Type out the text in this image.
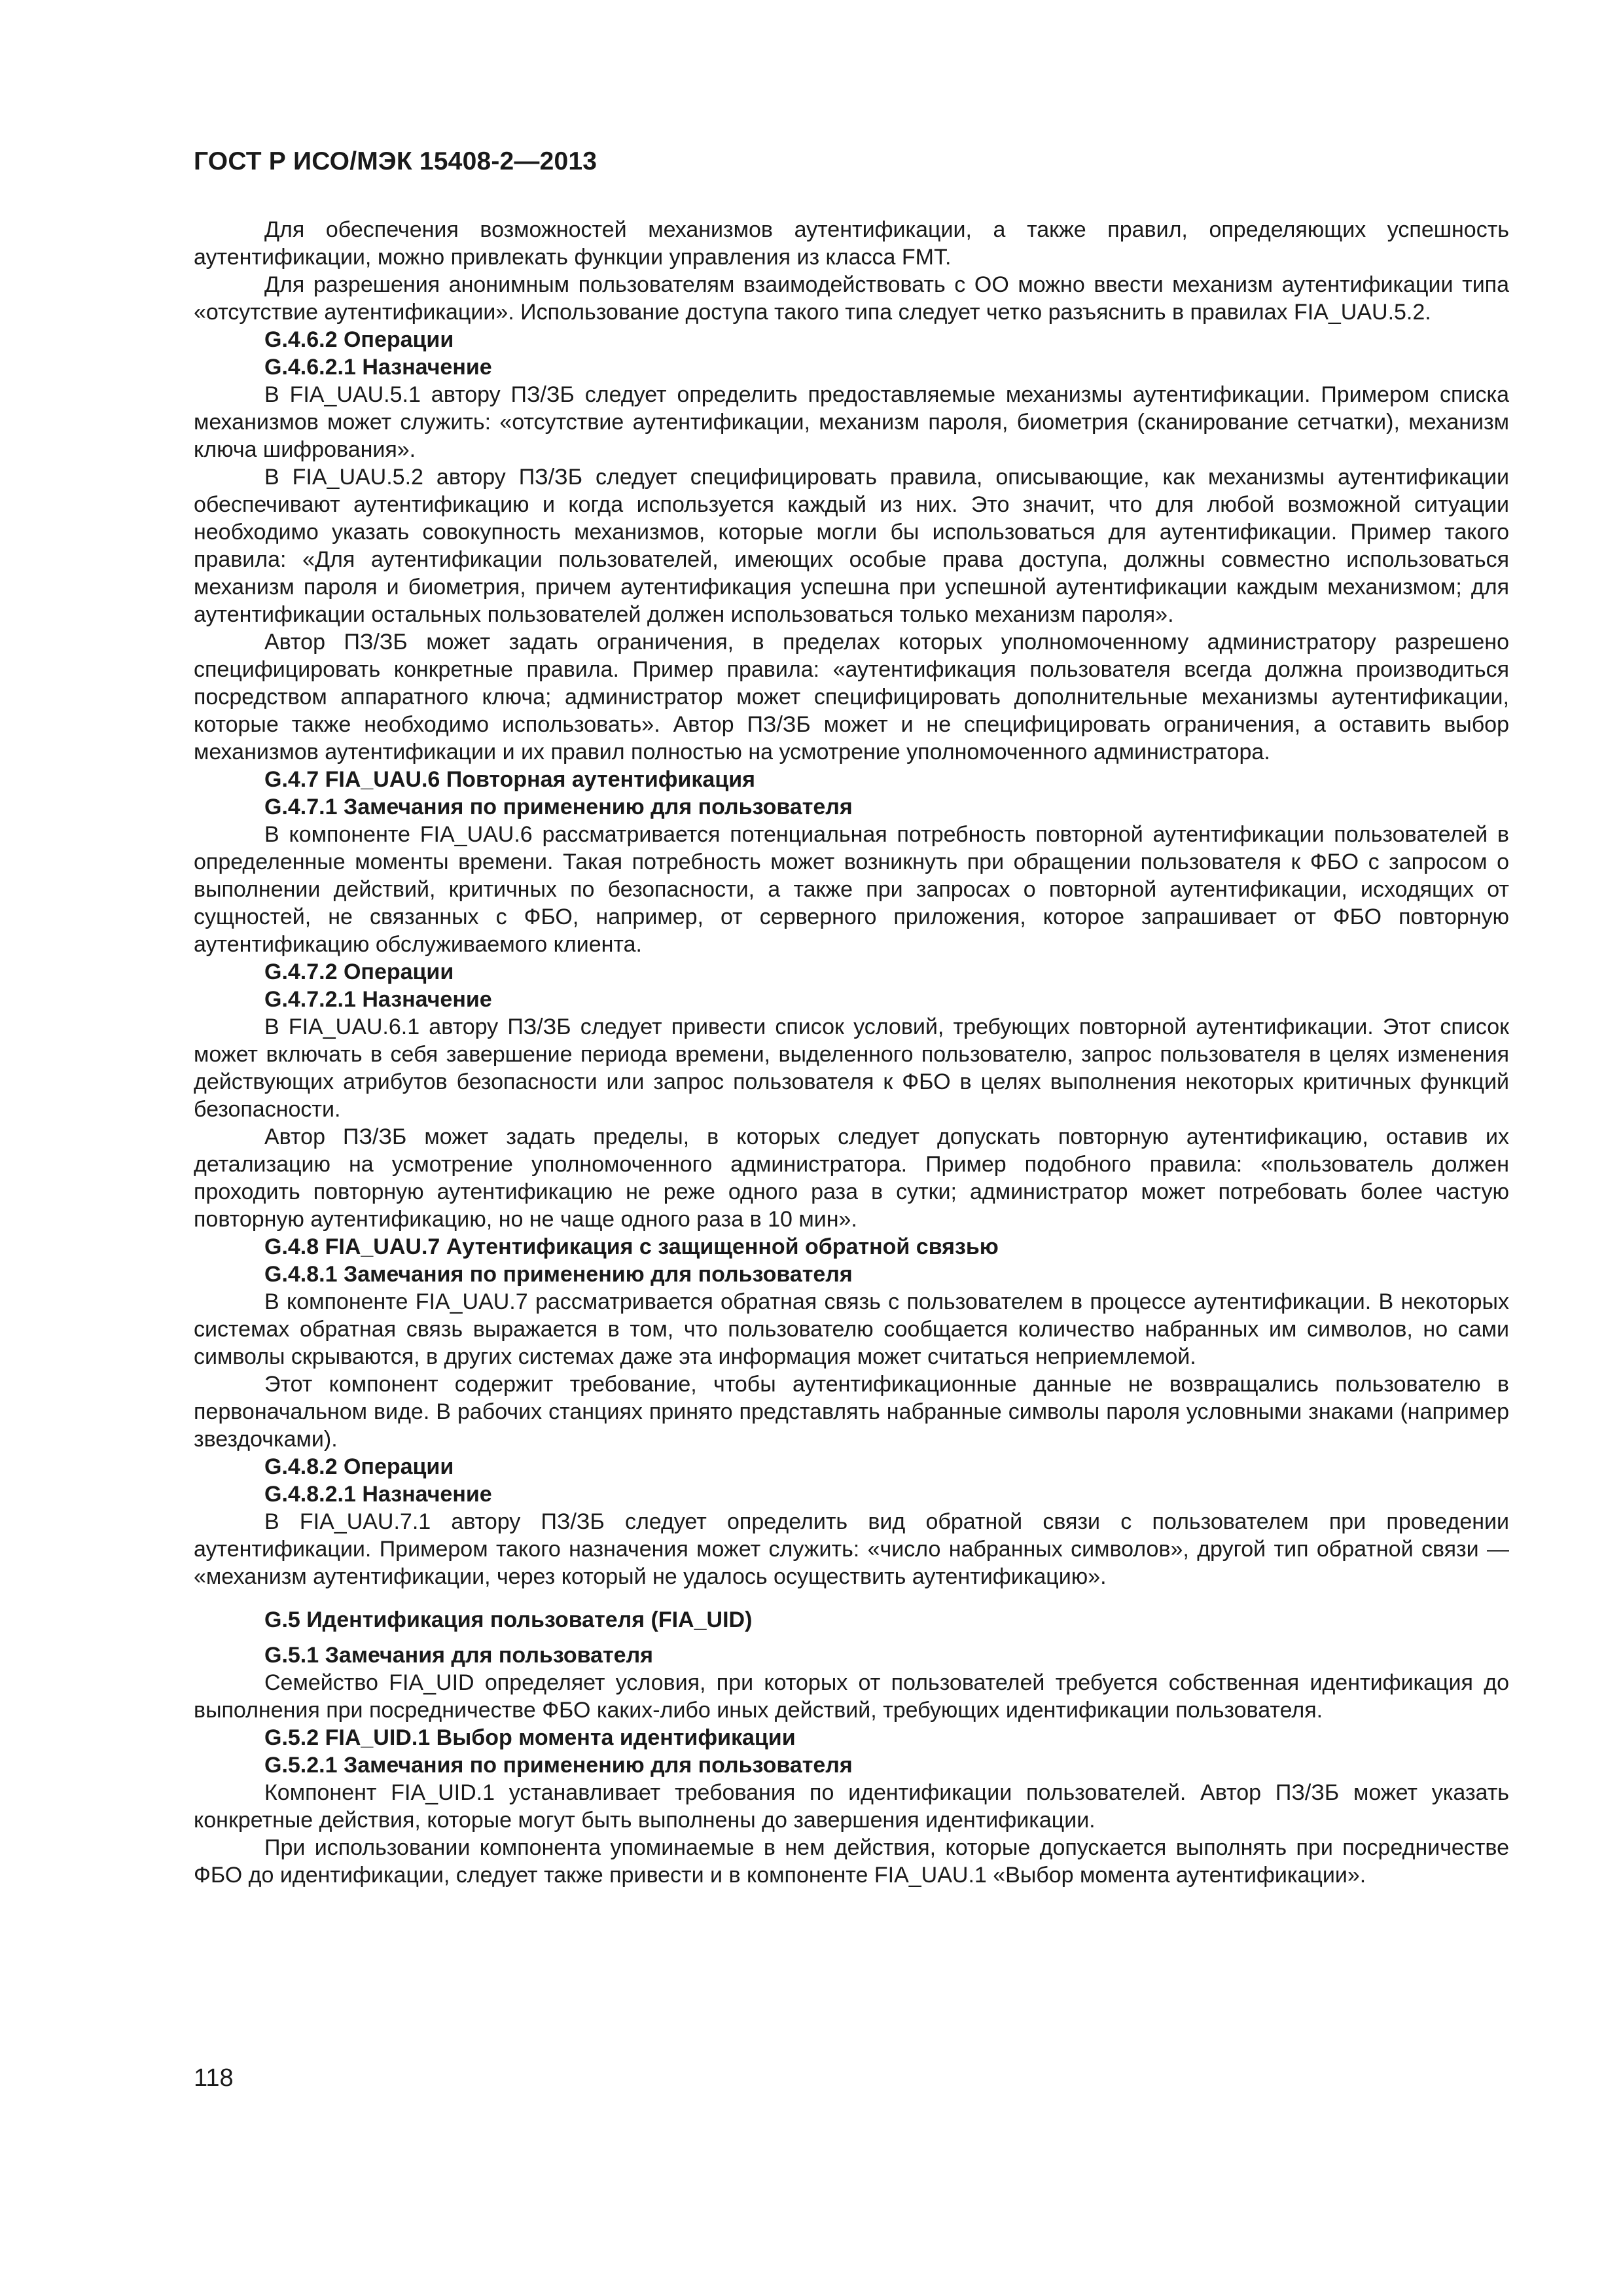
ГОСТ Р ИСО/МЭК 15408-2—2013

Для обеспечения возможностей механизмов аутентификации, а также правил, определяющих успешность аутентификации, можно привлекать функции управления из класса FMT.

Для разрешения анонимным пользователям взаимодействовать с ОО можно ввести механизм аутентификации типа «отсутствие аутентификации». Использование доступа такого типа следует четко разъяснить в правилах FIA_UAU.5.2.

G.4.6.2 Операции
G.4.6.2.1 Назначение

В FIA_UAU.5.1 автору ПЗ/ЗБ следует определить предоставляемые механизмы аутентификации. Примером списка механизмов может служить: «отсутствие аутентификации, механизм пароля, биометрия (сканирование сетчатки), механизм ключа шифрования».

В FIA_UAU.5.2 автору ПЗ/ЗБ следует специфицировать правила, описывающие, как механизмы аутентификации обеспечивают аутентификацию и когда используется каждый из них. Это значит, что для любой возможной ситуации необходимо указать совокупность механизмов, которые могли бы использоваться для аутентификации. Пример такого правила: «Для аутентификации пользователей, имеющих особые права доступа, должны совместно использоваться механизм пароля и биометрия, причем аутентификация успешна при успешной аутентификации каждым механизмом; для аутентификации остальных пользователей должен использоваться только механизм пароля».

Автор ПЗ/ЗБ может задать ограничения, в пределах которых уполномоченному администратору разрешено специфицировать конкретные правила. Пример правила: «аутентификация пользователя всегда должна производиться посредством аппаратного ключа; администратор может специфицировать дополнительные механизмы аутентификации, которые также необходимо использовать». Автор ПЗ/ЗБ может и не специфицировать ограничения, а оставить выбор механизмов аутентификации и их правил полностью на усмотрение уполномоченного администратора.

G.4.7 FIA_UAU.6 Повторная аутентификация
G.4.7.1 Замечания по применению для пользователя

В компоненте FIA_UAU.6 рассматривается потенциальная потребность повторной аутентификации пользователей в определенные моменты времени. Такая потребность может возникнуть при обращении пользователя к ФБО с запросом о выполнении действий, критичных по безопасности, а также при запросах о повторной аутентификации, исходящих от сущностей, не связанных с ФБО, например, от серверного приложения, которое запрашивает от ФБО повторную аутентификацию обслуживаемого клиента.

G.4.7.2 Операции
G.4.7.2.1 Назначение

В FIA_UAU.6.1 автору ПЗ/ЗБ следует привести список условий, требующих повторной аутентификации. Этот список может включать в себя завершение периода времени, выделенного пользователю, запрос пользователя в целях изменения действующих атрибутов безопасности или запрос пользователя к ФБО в целях выполнения некоторых критичных функций безопасности.

Автор ПЗ/ЗБ может задать пределы, в которых следует допускать повторную аутентификацию, оставив их детализацию на усмотрение уполномоченного администратора. Пример подобного правила: «пользователь должен проходить повторную аутентификацию не реже одного раза в сутки; администратор может потребовать более частую повторную аутентификацию, но не чаще одного раза в 10 мин».

G.4.8 FIA_UAU.7 Аутентификация с защищенной обратной связью
G.4.8.1 Замечания по применению для пользователя

В компоненте FIA_UAU.7 рассматривается обратная связь с пользователем в процессе аутентификации. В некоторых системах обратная связь выражается в том, что пользователю сообщается количество набранных им символов, но сами символы скрываются, в других системах даже эта информация может считаться неприемлемой.

Этот компонент содержит требование, чтобы аутентификационные данные не возвращались пользователю в первоначальном виде. В рабочих станциях принято представлять набранные символы пароля условными знаками (например звездочками).

G.4.8.2 Операции
G.4.8.2.1 Назначение

В FIA_UAU.7.1 автору ПЗ/ЗБ следует определить вид обратной связи с пользователем при проведении аутентификации. Примером такого назначения может служить: «число набранных символов», другой тип обратной связи — «механизм аутентификации, через который не удалось осуществить аутентификацию».

G.5 Идентификация пользователя (FIA_UID)
G.5.1 Замечания для пользователя

Семейство FIA_UID определяет условия, при которых от пользователей требуется собственная идентификация до выполнения при посредничестве ФБО каких-либо иных действий, требующих идентификации пользователя.

G.5.2 FIA_UID.1 Выбор момента идентификации
G.5.2.1 Замечания по применению для пользователя

Компонент FIA_UID.1 устанавливает требования по идентификации пользователей. Автор ПЗ/ЗБ может указать конкретные действия, которые могут быть выполнены до завершения идентификации.

При использовании компонента упоминаемые в нем действия, которые допускается выполнять при посредничестве ФБО до идентификации, следует также привести и в компоненте FIA_UAU.1 «Выбор момента аутентификации».

118
